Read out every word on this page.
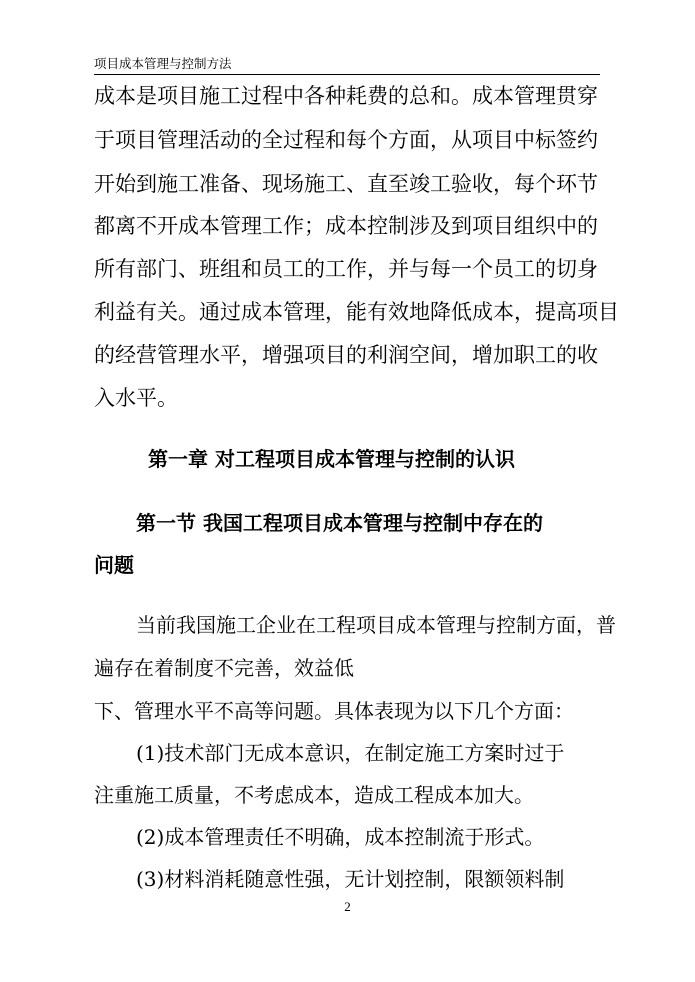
项目成本管理与控制方法
成本是项目施工过程中各种耗费的总和。成本管理贯穿
于项目管理活动的全过程和每个方面，从项目中标签约
开始到施工准备、现场施工、直至竣工验收，每个环节
都离不开成本管理工作；成本控制涉及到项目组织中的
所有部门、班组和员工的工作，并与每一个员工的切身
利益有关。通过成本管理，能有效地降低成本，提高项目
的经营管理水平，增强项目的利润空间，增加职工的收
入水平。
第一章 对工程项目成本管理与控制的认识
第一节 我国工程项目成本管理与控制中存在的
问题
当前我国施工企业在工程项目成本管理与控制方面，普
遍存在着制度不完善，效益低
下、管理水平不高等问题。具体表现为以下几个方面：
(1)技术部门无成本意识，在制定施工方案时过于
注重施工质量，不考虑成本，造成工程成本加大。
(2)成本管理责任不明确，成本控制流于形式。
(3)材料消耗随意性强，无计划控制，限额领料制
2
